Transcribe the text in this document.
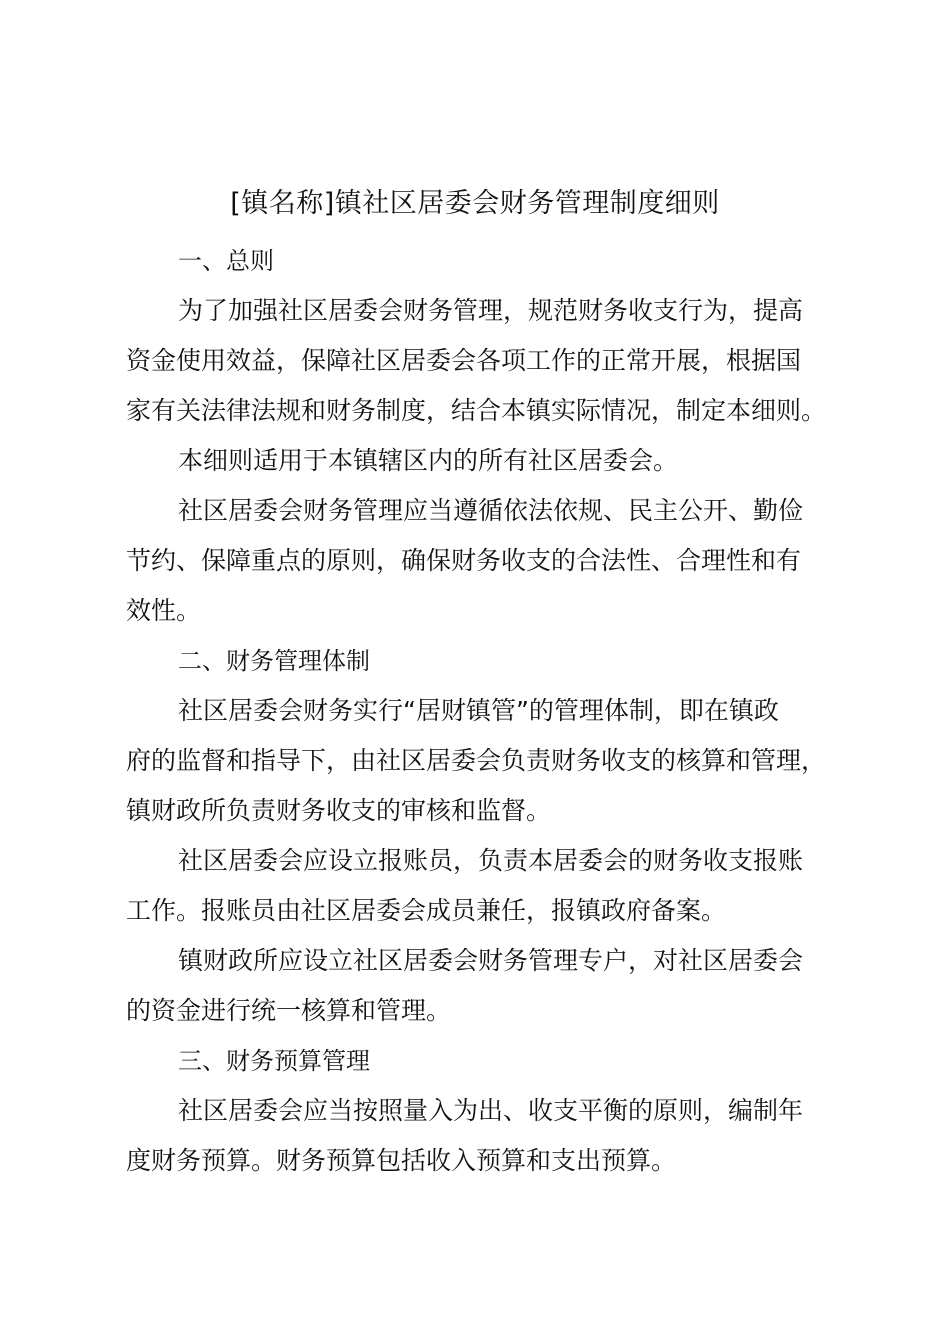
[镇名称]镇社区居委会财务管理制度细则
一、总则
为了加强社区居委会财务管理，规范财务收支行为，提高
资金使用效益，保障社区居委会各项工作的正常开展，根据国
家有关法律法规和财务制度，结合本镇实际情况，制定本细则。
本细则适用于本镇辖区内的所有社区居委会。
社区居委会财务管理应当遵循依法依规、民主公开、勤俭
节约、保障重点的原则，确保财务收支的合法性、合理性和有
效性。
二、财务管理体制
社区居委会财务实行“居财镇管”的管理体制，即在镇政
府的监督和指导下，由社区居委会负责财务收支的核算和管理，
镇财政所负责财务收支的审核和监督。
社区居委会应设立报账员，负责本居委会的财务收支报账
工作。报账员由社区居委会成员兼任，报镇政府备案。
镇财政所应设立社区居委会财务管理专户，对社区居委会
的资金进行统一核算和管理。
三、财务预算管理
社区居委会应当按照量入为出、收支平衡的原则，编制年
度财务预算。财务预算包括收入预算和支出预算。
